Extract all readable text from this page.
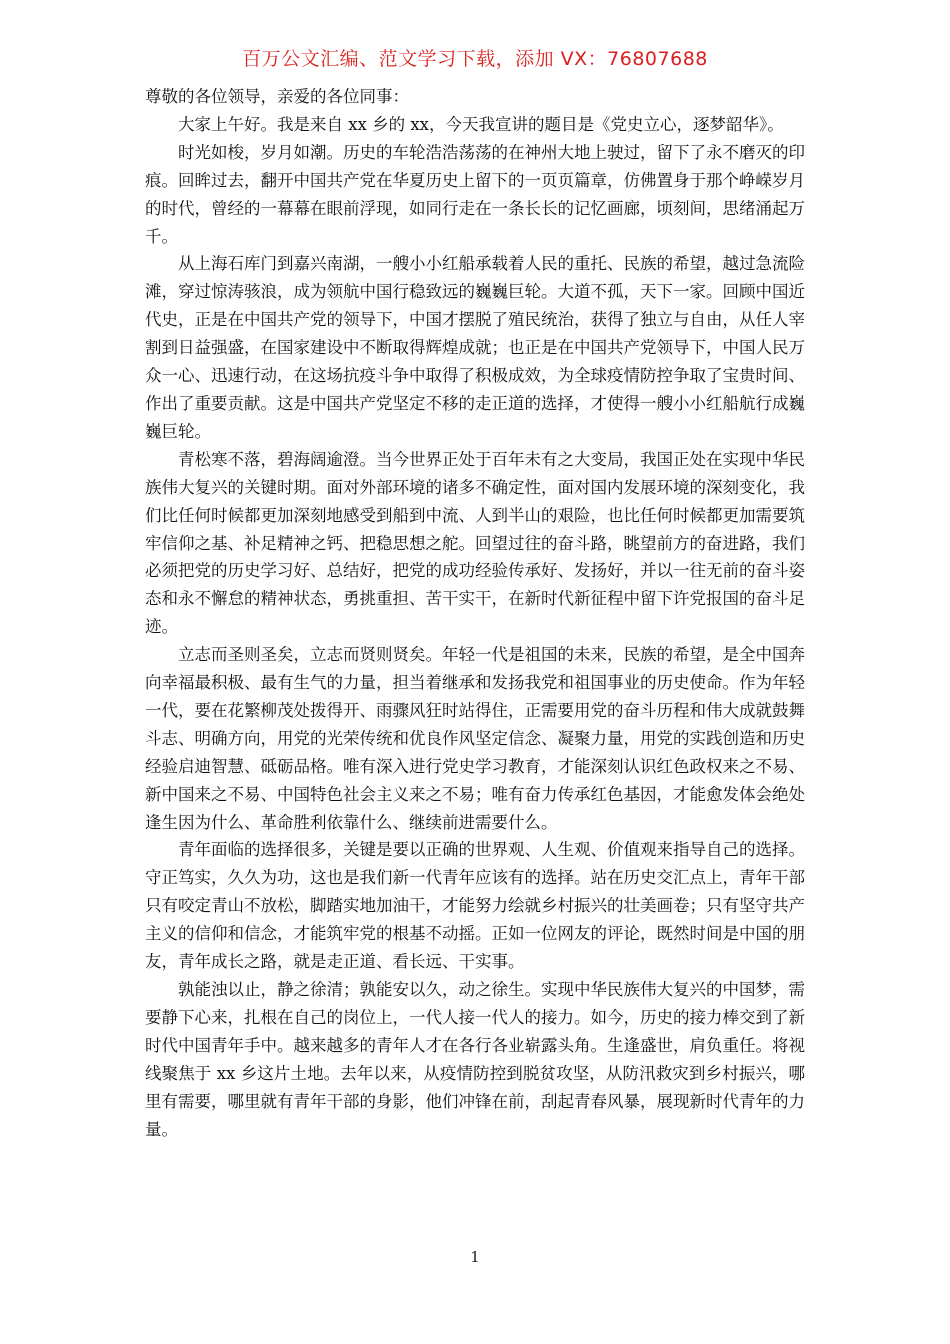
百万公文汇编、范文学习下载，添加 VX：76807688

尊敬的各位领导，亲爱的各位同事：

大家上午好。我是来自 xx 乡的 xx，今天我宣讲的题目是《党史立心，逐梦韶华》。

时光如梭，岁月如潮。历史的车轮浩浩荡荡的在神州大地上驶过，留下了永不磨灭的印痕。回眸过去，翻开中国共产党在华夏历史上留下的一页页篇章，仿佛置身于那个峥嵘岁月的时代，曾经的一幕幕在眼前浮现，如同行走在一条长长的记忆画廊，顷刻间，思绪涌起万千。

从上海石库门到嘉兴南湖，一艘小小红船承载着人民的重托、民族的希望，越过急流险滩，穿过惊涛骇浪，成为领航中国行稳致远的巍巍巨轮。大道不孤，天下一家。回顾中国近代史，正是在中国共产党的领导下，中国才摆脱了殖民统治，获得了独立与自由，从任人宰割到日益强盛，在国家建设中不断取得辉煌成就；也正是在中国共产党领导下，中国人民万众一心、迅速行动，在这场抗疫斗争中取得了积极成效，为全球疫情防控争取了宝贵时间、作出了重要贡献。这是中国共产党坚定不移的走正道的选择，才使得一艘小小红船航行成巍巍巨轮。

青松寒不落，碧海阔逾澄。当今世界正处于百年未有之大变局，我国正处在实现中华民族伟大复兴的关键时期。面对外部环境的诸多不确定性，面对国内发展环境的深刻变化，我们比任何时候都更加深刻地感受到船到中流、人到半山的艰险，也比任何时候都更加需要筑牢信仰之基、补足精神之钙、把稳思想之舵。回望过往的奋斗路，眺望前方的奋进路，我们必须把党的历史学习好、总结好，把党的成功经验传承好、发扬好，并以一往无前的奋斗姿态和永不懈怠的精神状态，勇挑重担、苦干实干，在新时代新征程中留下许党报国的奋斗足迹。

立志而圣则圣矣，立志而贤则贤矣。年轻一代是祖国的未来，民族的希望，是全中国奔向幸福最积极、最有生气的力量，担当着继承和发扬我党和祖国事业的历史使命。作为年轻一代，要在花繁柳茂处拨得开、雨骤风狂时站得住，正需要用党的奋斗历程和伟大成就鼓舞斗志、明确方向，用党的光荣传统和优良作风坚定信念、凝聚力量，用党的实践创造和历史经验启迪智慧、砥砺品格。唯有深入进行党史学习教育，才能深刻认识红色政权来之不易、新中国来之不易、中国特色社会主义来之不易；唯有奋力传承红色基因，才能愈发体会绝处逢生因为什么、革命胜利依靠什么、继续前进需要什么。

青年面临的选择很多，关键是要以正确的世界观、人生观、价值观来指导自己的选择。守正笃实，久久为功，这也是我们新一代青年应该有的选择。站在历史交汇点上，青年干部只有咬定青山不放松，脚踏实地加油干，才能努力绘就乡村振兴的壮美画卷；只有坚守共产主义的信仰和信念，才能筑牢党的根基不动摇。正如一位网友的评论，既然时间是中国的朋友，青年成长之路，就是走正道、看长远、干实事。

孰能浊以止，静之徐清；孰能安以久，动之徐生。实现中华民族伟大复兴的中国梦，需要静下心来，扎根在自己的岗位上，一代人接一代人的接力。如今，历史的接力棒交到了新时代中国青年手中。越来越多的青年人才在各行各业崭露头角。生逢盛世，肩负重任。将视线聚焦于 xx 乡这片土地。去年以来，从疫情防控到脱贫攻坚，从防汛救灾到乡村振兴，哪里有需要，哪里就有青年干部的身影，他们冲锋在前，刮起青春风暴，展现新时代青年的力量。

1
